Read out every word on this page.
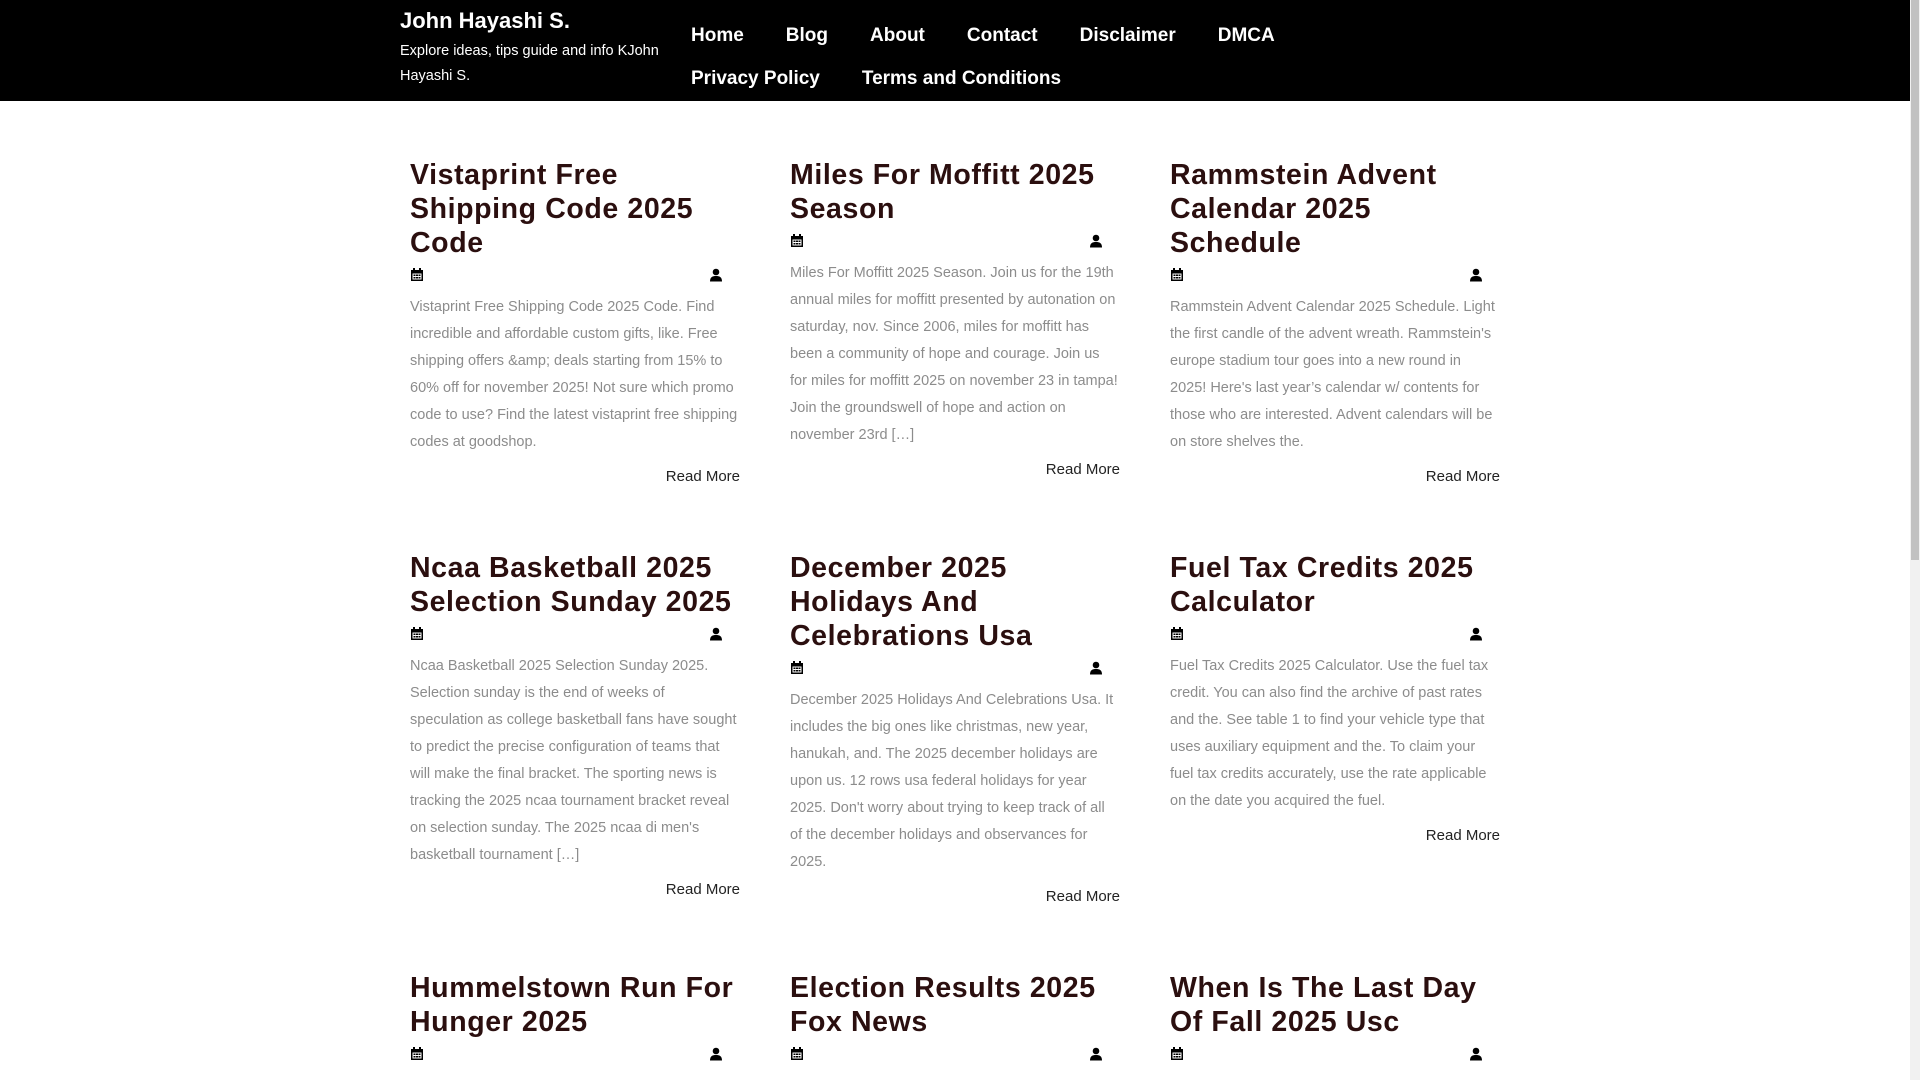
John Hayashi S.
Explore ideas, tips guide and info KJohn Hayashi S.
Home	Blog	About	Contact	Disclaimer	DMCA
Privacy Policy	Terms and Conditions
Vistaprint Free Shipping Code 2025 Code

Vistaprint Free Shipping Code 2025 Code. Find incredible and affordable custom gifts, like. Free shipping offers &amp; deals starting from 15% to 60% off for november 2025! Not sure which promo code to use? Find the latest vistaprint free shipping codes at goodshop.

Read More
Miles For Moffitt 2025 Season

Miles For Moffitt 2025 Season. Join us for the 19th annual miles for moffitt presented by autonation on saturday, nov. Since 2006, miles for moffitt has been a community of hope and courage. Join us for miles for moffitt 2025 on november 23 in tampa! Join the groundswell of hope and action on november 23rd […]

Read More
Rammstein Advent Calendar 2025 Schedule

Rammstein Advent Calendar 2025 Schedule. Light the first candle of the advent wreath. Rammstein's europe stadium tour goes into a new round in 2025! Here's last year’s calendar w/ contents for those who are interested. Advent calendars will be on store shelves the.

Read More
Ncaa Basketball 2025 Selection Sunday 2025

Ncaa Basketball 2025 Selection Sunday 2025. Selection sunday is the end of weeks of speculation as college basketball fans have sought to predict the precise configuration of teams that will make the final bracket. The sporting news is tracking the 2025 ncaa tournament bracket reveal on selection sunday. The 2025 ncaa di men's basketball tournament […]

Read More
December 2025 Holidays And Celebrations Usa

December 2025 Holidays And Celebrations Usa. It includes the big ones like christmas, new year, hanukah, and. The 2025 december holidays are upon us. 12 rows usa federal holidays for year 2025. Don't worry about trying to keep track of all of the december holidays and observances for 2025.

Read More
Fuel Tax Credits 2025 Calculator

Fuel Tax Credits 2025 Calculator. Use the fuel tax credit. You can also find the archive of past rates and the. See table 1 to find your vehicle type that uses auxiliary equipment and the. To claim your fuel tax credits accurately, use the rate applicable on the date you acquired the fuel.

Read More
Hummelstown Run For Hunger 2025
Election Results 2025 Fox News
When Is The Last Day Of Fall 2025 Usc
